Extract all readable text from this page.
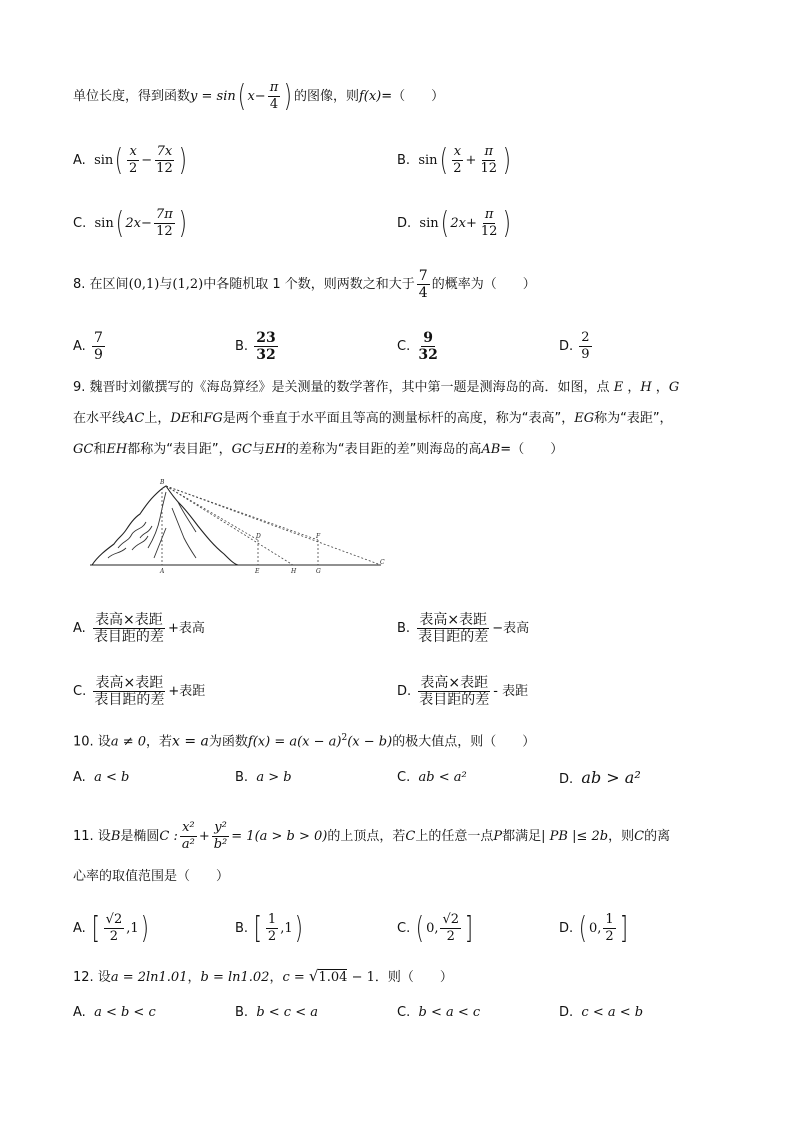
单位长度，得到函数y = sin( $x- \frac{\pi}{4}$ ) 的图像，则f(x)=（　　）
A. $\sin( \frac{x}{2} - \frac{7x}{12}$ )	B. $\sin( \frac{x}{2} + \frac{\pi}{12}$ )
C. sin( $2x- \frac{7\pi}{12}$ )	D. sin( $2x+ \frac{\pi}{12}$ )
8. 在区间(0,1)与(1,2)中各随机取 1 个数，则两数之和大于 $\frac{7}{4}$ 的概率为（　　）
A. $\frac{7}{9}$	B. $\frac{23}{32}$	C. $\frac{9}{32}$	D. $\frac{2}{9}$
9. 魏晋时刘徽撰写的《海岛算经》是关测量的数学著作，其中第一题是测海岛的高．如图，点 E ，H ，G
在水平线AC上，DE和FG是两个垂直于水平面且等高的测量标杆的高度，称为“表高”，EG称为“表距”，
GC和EH都称为“表目距”，GC与EH的差称为“表目距的差”则海岛的高AB=（　　）
B
D	F
A	E	H	G
C
A. $\frac{\text{表高×表距}}{\text{表目距的差}}$ +表高	B. $\frac{\text{表高×表距}}{\text{表目距的差}}$ −表高
C. $\frac{\text{表高×表距}}{\text{表目距的差}}$ +表距	D. $\frac{\text{表高×表距}}{\text{表目距的差}}$ - 表距
10. 设a ≠ 0，若x = a为函数$f(x) = a(x - a)^2(x - b)$的极大值点，则（　　）
A. a < b	B. a > b	C. ab < a²	D. ab > a²
11. 设B是椭圆C : $\frac{\text{x²}}{\text{a²}} + \frac{\text{y²}}{\text{b²}} = 1(a > b > 0)$的上顶点，若C上的任意一点P都满足| PB |≤ 2b，则C的离
心率的取值范围是（　　）
A. [ $\frac{√2}{2} ,1$)	B. [ $\frac{1}{2} ,1$)	C. ( 0, $\frac{√2}{2}$ ]	D. ( 0, $\frac{1}{2}$ ]
12. 设a = 2ln1.01，b = ln1.02，c = √1.04 − 1．则（　　）
A. a < b < c	B. b < c < a	C. b < a < c	D. c < a < b
